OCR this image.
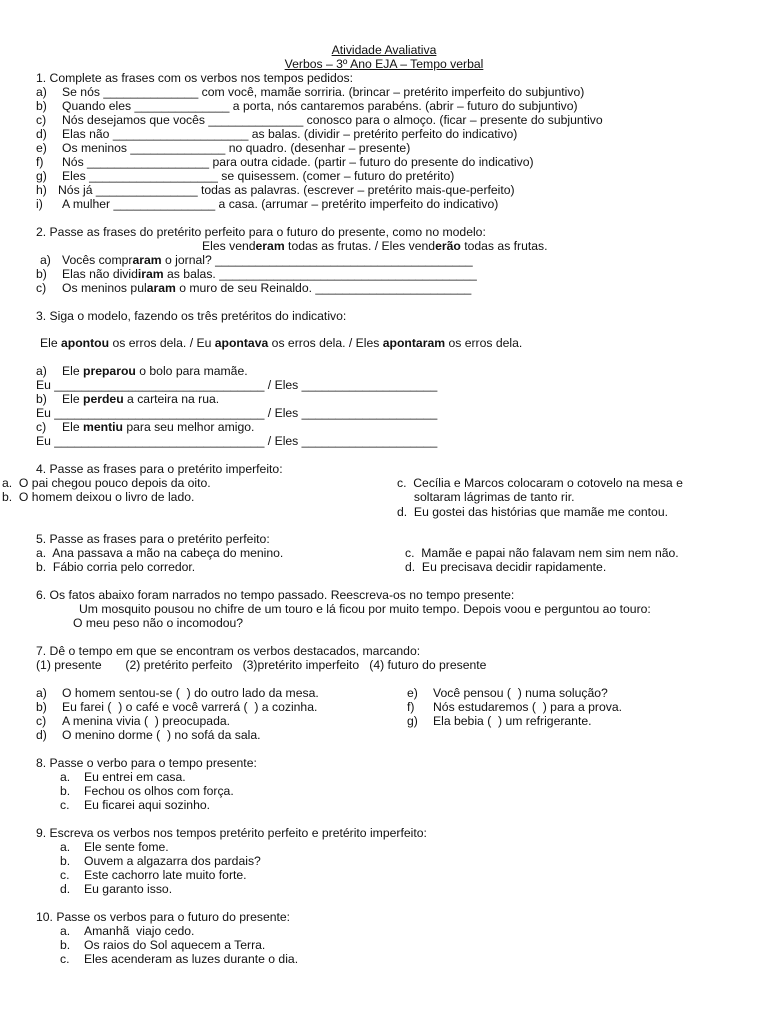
Atividade Avaliativa
Verbos – 3º Ano EJA – Tempo verbal
1. Complete as frases com os verbos nos tempos pedidos:
a) Se nós ______________ com você, mamãe sorriria. (brincar – pretérito imperfeito do subjuntivo)
b) Quando eles ______________ a porta, nós cantaremos parabéns. (abrir – futuro do subjuntivo)
c) Nós desejamos que vocês ______________ conosco para o almoço. (ficar – presente do subjuntivo
d) Elas não ____________________ as balas. (dividir – pretérito perfeito do indicativo)
e) Os meninos ______________ no quadro. (desenhar – presente)
f) Nós __________________ para outra cidade. (partir – futuro do presente do indicativo)
g) Eles ___________________ se quisessem. (comer – futuro do pretérito)
h) Nós já _______________ todas as palavras. (escrever – pretérito mais-que-perfeito)
i) A mulher _______________ a casa. (arrumar – pretérito imperfeito do indicativo)
2. Passe as frases do pretérito perfeito para o futuro do presente, como no modelo:
Eles venderam todas as frutas. / Eles venderão todas as frutas.
a) Vocês compraram o jornal? ______________________________________
b) Elas não dividiram as balas. ______________________________________
c) Os meninos pularam o muro de seu Reinaldo. _______________________
3. Siga o modelo, fazendo os três pretéritos do indicativo:
Ele apontou os erros dela. / Eu apontava os erros dela. / Eles apontaram os erros dela.
a) Ele preparou o bolo para mamãe.
Eu _______________________________ / Eles ____________________
b) Ele perdeu a carteira na rua.
Eu _______________________________ / Eles ____________________
c) Ele mentiu para seu melhor amigo.
Eu _______________________________ / Eles ____________________
4. Passe as frases para o pretérito imperfeito:
a.  O pai chegou pouco depois da oito.
b.  O homem deixou o livro de lado.
c.  Cecília e Marcos colocaram o cotovelo na mesa e
soltaram lágrimas de tanto rir.
d.  Eu gostei das histórias que mamãe me contou.
5. Passe as frases para o pretérito perfeito:
a.  Ana passava a mão na cabeça do menino.
b.  Fábio corria pelo corredor.
c.  Mamãe e papai não falavam nem sim nem não.
d.  Eu precisava decidir rapidamente.
6. Os fatos abaixo foram narrados no tempo passado. Reescreva-os no tempo presente:
Um mosquito pousou no chifre de um touro e lá ficou por muito tempo. Depois voou e perguntou ao touro:
O meu peso não o incomodou?
7. Dê o tempo em que se encontram os verbos destacados, marcando:
(1) presente       (2) pretérito perfeito   (3)pretérito imperfeito   (4) futuro do presente
a) O homem sentou-se (  ) do outro lado da mesa.
b) Eu farei (  ) o café e você varrerá (  ) a cozinha.
c) A menina vivia (  ) preocupada.
d) O menino dorme (  ) no sofá da sala.
e) Você pensou (  ) numa solução?
f) Nós estudaremos (  ) para a prova.
g) Ela bebia (  ) um refrigerante.
8. Passe o verbo para o tempo presente:
a. Eu entrei em casa.
b. Fechou os olhos com força.
c. Eu ficarei aqui sozinho.
9. Escreva os verbos nos tempos pretérito perfeito e pretérito imperfeito:
a. Ele sente fome.
b. Ouvem a algazarra dos pardais?
c. Este cachorro late muito forte.
d. Eu garanto isso.
10. Passe os verbos para o futuro do presente:
a. Amanhã  viajo cedo.
b. Os raios do Sol aquecem a Terra.
c. Eles acenderam as luzes durante o dia.
